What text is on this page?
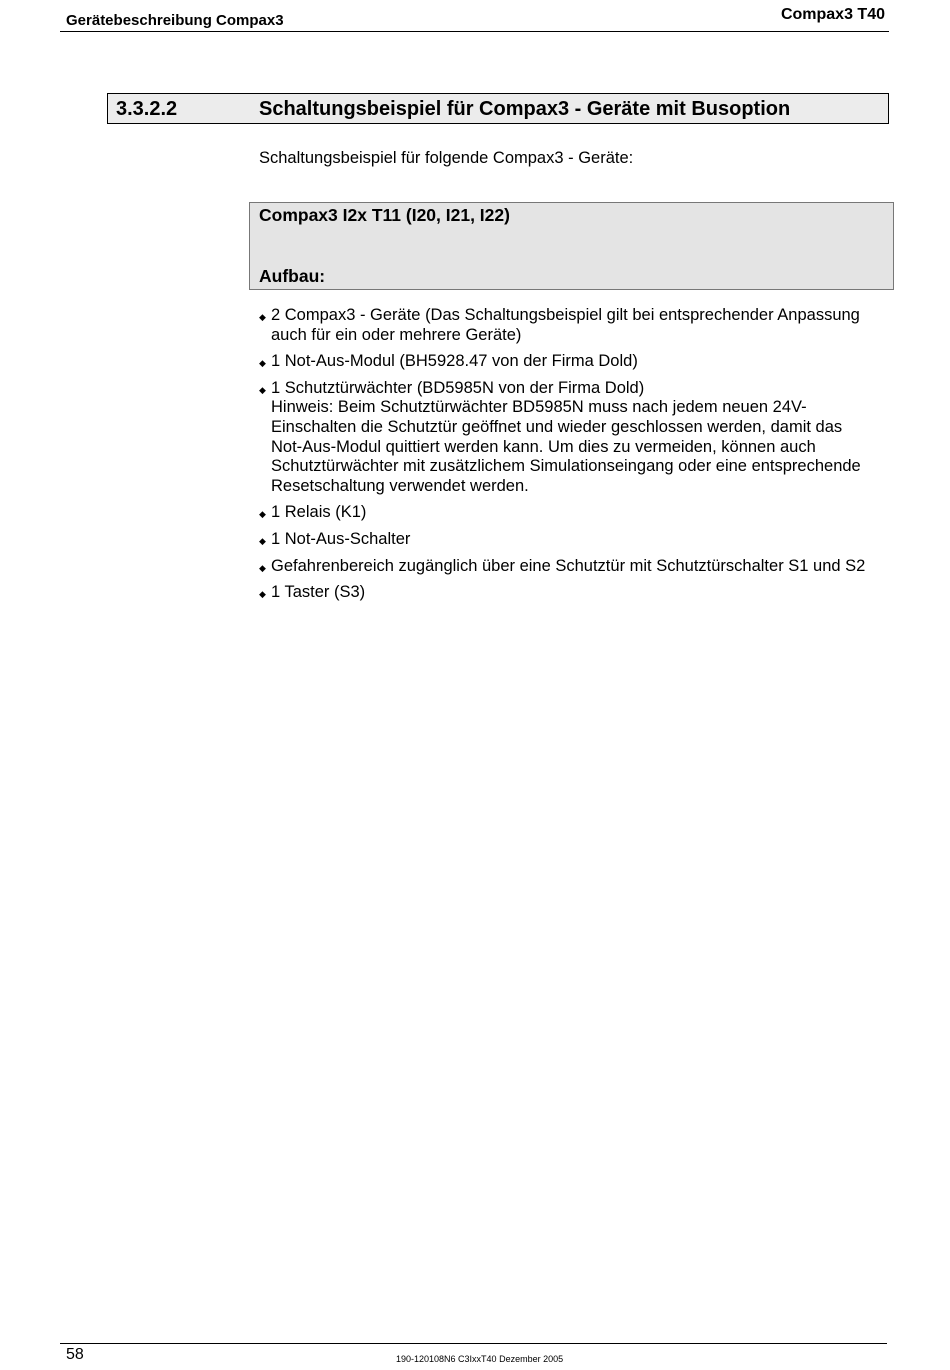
Gerätebeschreibung Compax3	Compax3 T40
3.3.2.2	Schaltungsbeispiel für Compax3 - Geräte mit Busoption
Schaltungsbeispiel für folgende Compax3 - Geräte:
Compax3 I2x T11 (I20, I21, I22)
Aufbau:
◆ 2 Compax3 - Geräte (Das Schaltungsbeispiel gilt bei entsprechender Anpassung
auch für ein oder mehrere Geräte)
◆ 1 Not-Aus-Modul (BH5928.47 von der Firma Dold)
◆ 1 Schutztürwächter (BD5985N von der Firma Dold)
Hinweis: Beim Schutztürwächter BD5985N muss nach jedem neuen 24V-
Einschalten die Schutztür geöffnet und wieder geschlossen werden, damit das
Not-Aus-Modul quittiert werden kann. Um dies zu vermeiden, können auch
Schutztürwächter mit zusätzlichem Simulationseingang oder eine entsprechende
Resetschaltung verwendet werden.
◆ 1 Relais (K1)
◆ 1 Not-Aus-Schalter
◆ Gefahrenbereich zugänglich über eine Schutztür mit Schutztürschalter S1 und S2
◆ 1 Taster (S3)
58	190-120108N6 C3IxxT40 Dezember 2005
